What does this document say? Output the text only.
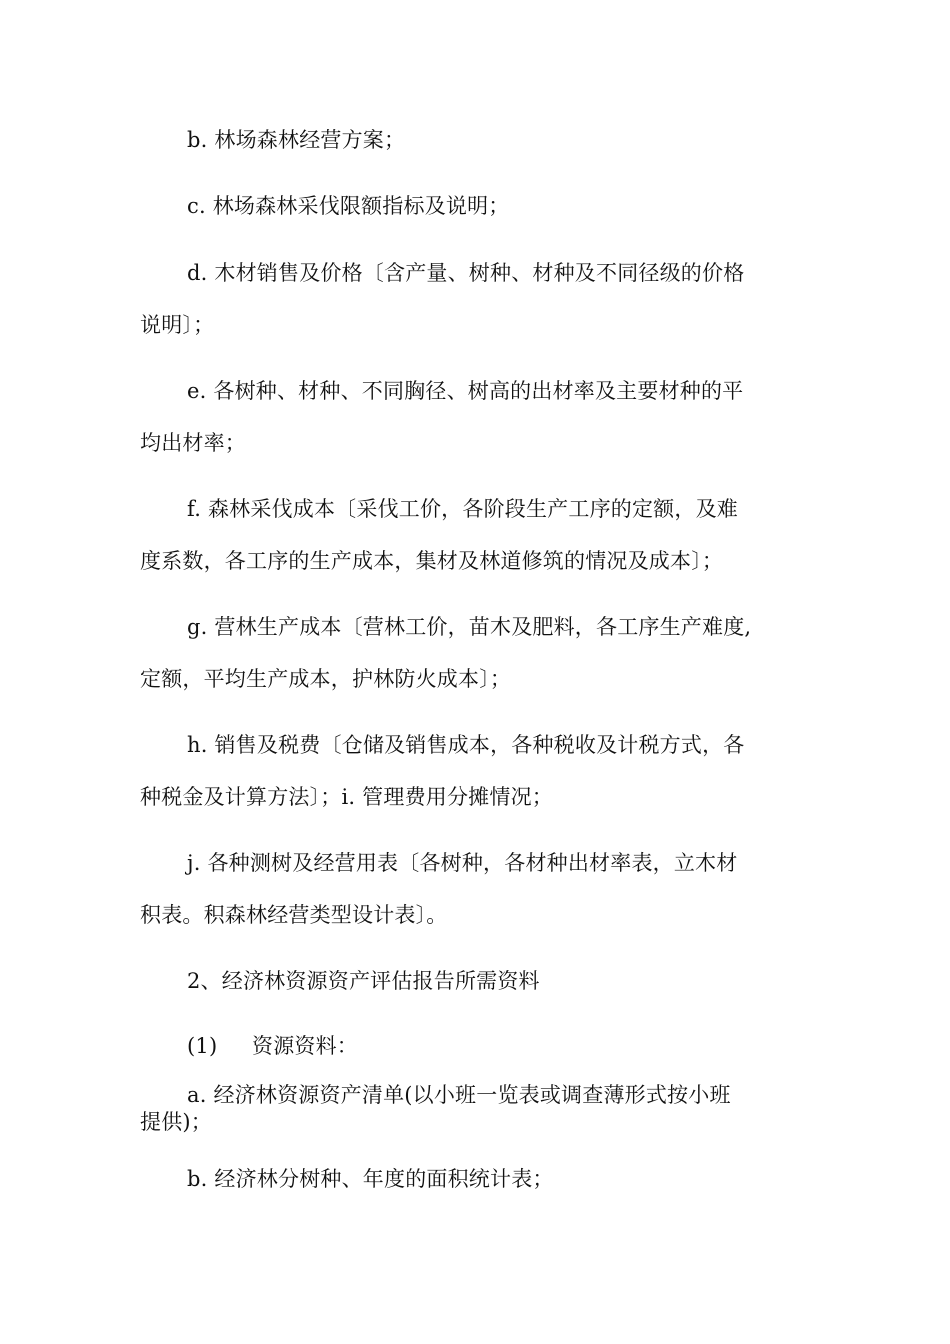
b. 林场森林经营方案；
c. 林场森林采伐限额指标及说明；
d. 木材销售及价格〔含产量、树种、材种及不同径级的价格
说明〕；
e. 各树种、材种、不同胸径、树高的出材率及主要材种的平
均出材率；
f. 森林采伐成本〔采伐工价，各阶段生产工序的定额，及难
度系数，各工序的生产成本，集材及林道修筑的情况及成本〕；
g. 营林生产成本〔营林工价，苗木及肥料，各工序生产难度,
定额，平均生产成本，护林防火成本〕；
h. 销售及税费〔仓储及销售成本，各种税收及计税方式，各
种税金及计算方法〕；i. 管理费用分摊情况；
j. 各种测树及经营用表〔各树种，各材种出材率表，立木材
积表。积森林经营类型设计表〕。
2、经济林资源资产评估报告所需资料
(1) 资源资料：
a. 经济林资源资产清单(以小班一览表或调查薄形式按小班
提供)；
b. 经济林分树种、年度的面积统计表；
